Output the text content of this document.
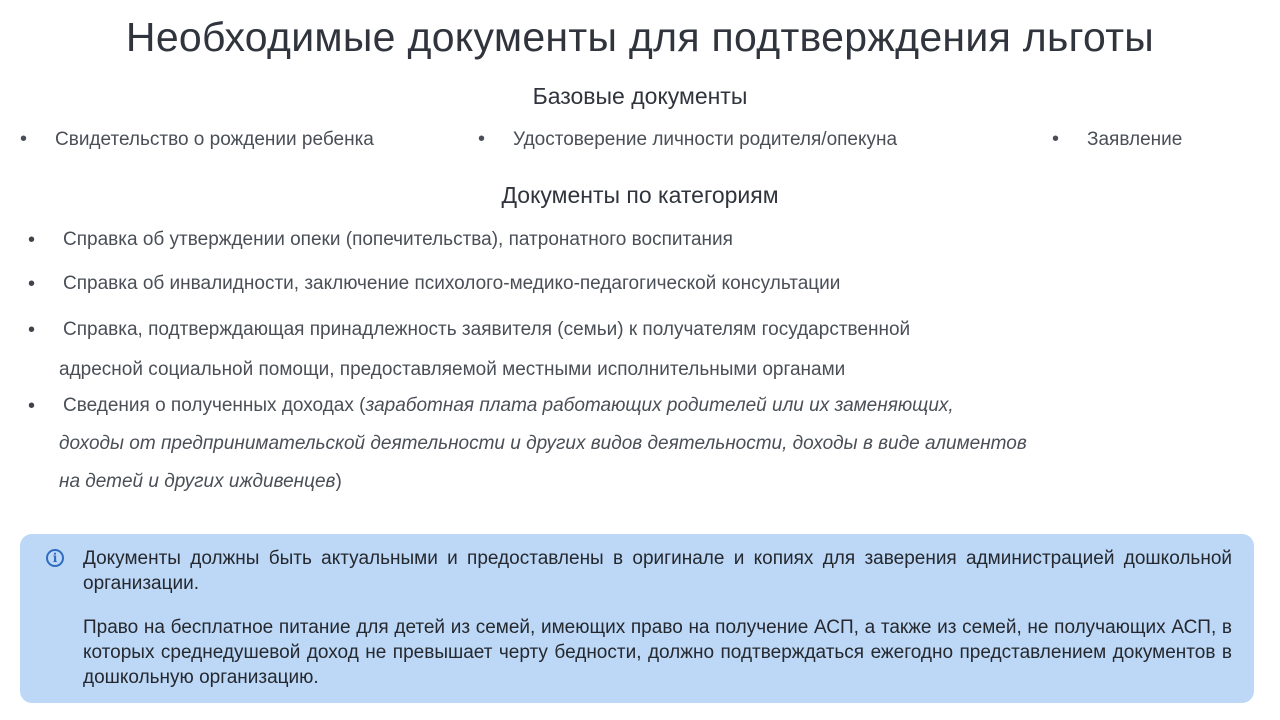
Необходимые документы для подтверждения льготы
Базовые документы
• Свидетельство о рождении ребенка	• Удостоверение личности родителя/опекуна	• Заявление
Документы по категориям
•	Справка об утверждении опеки (попечительства), патронатного воспитания
•	Справка об инвалидности, заключение психолого-медико-педагогической консультации
•	Справка, подтверждающая принадлежность заявителя (семьи) к получателям государственной
адресной социальной помощи, предоставляемой местными исполнительными органами
•	Сведения о полученных доходах (заработная плата работающих родителей или их заменяющих,
доходы от предпринимательской деятельности и других видов деятельности, доходы в виде алиментов
на детей и других иждивенцев)
i	Документы должны быть актуальными и предоставлены в оригинале и копиях для заверения администрацией дошкольной организации.

Право на бесплатное питание для детей из семей, имеющих право на получение АСП, а также из семей, не получающих АСП, в которых среднедушевой доход не превышает черту бедности, должно подтверждаться ежегодно представлением документов в дошкольную организацию.
